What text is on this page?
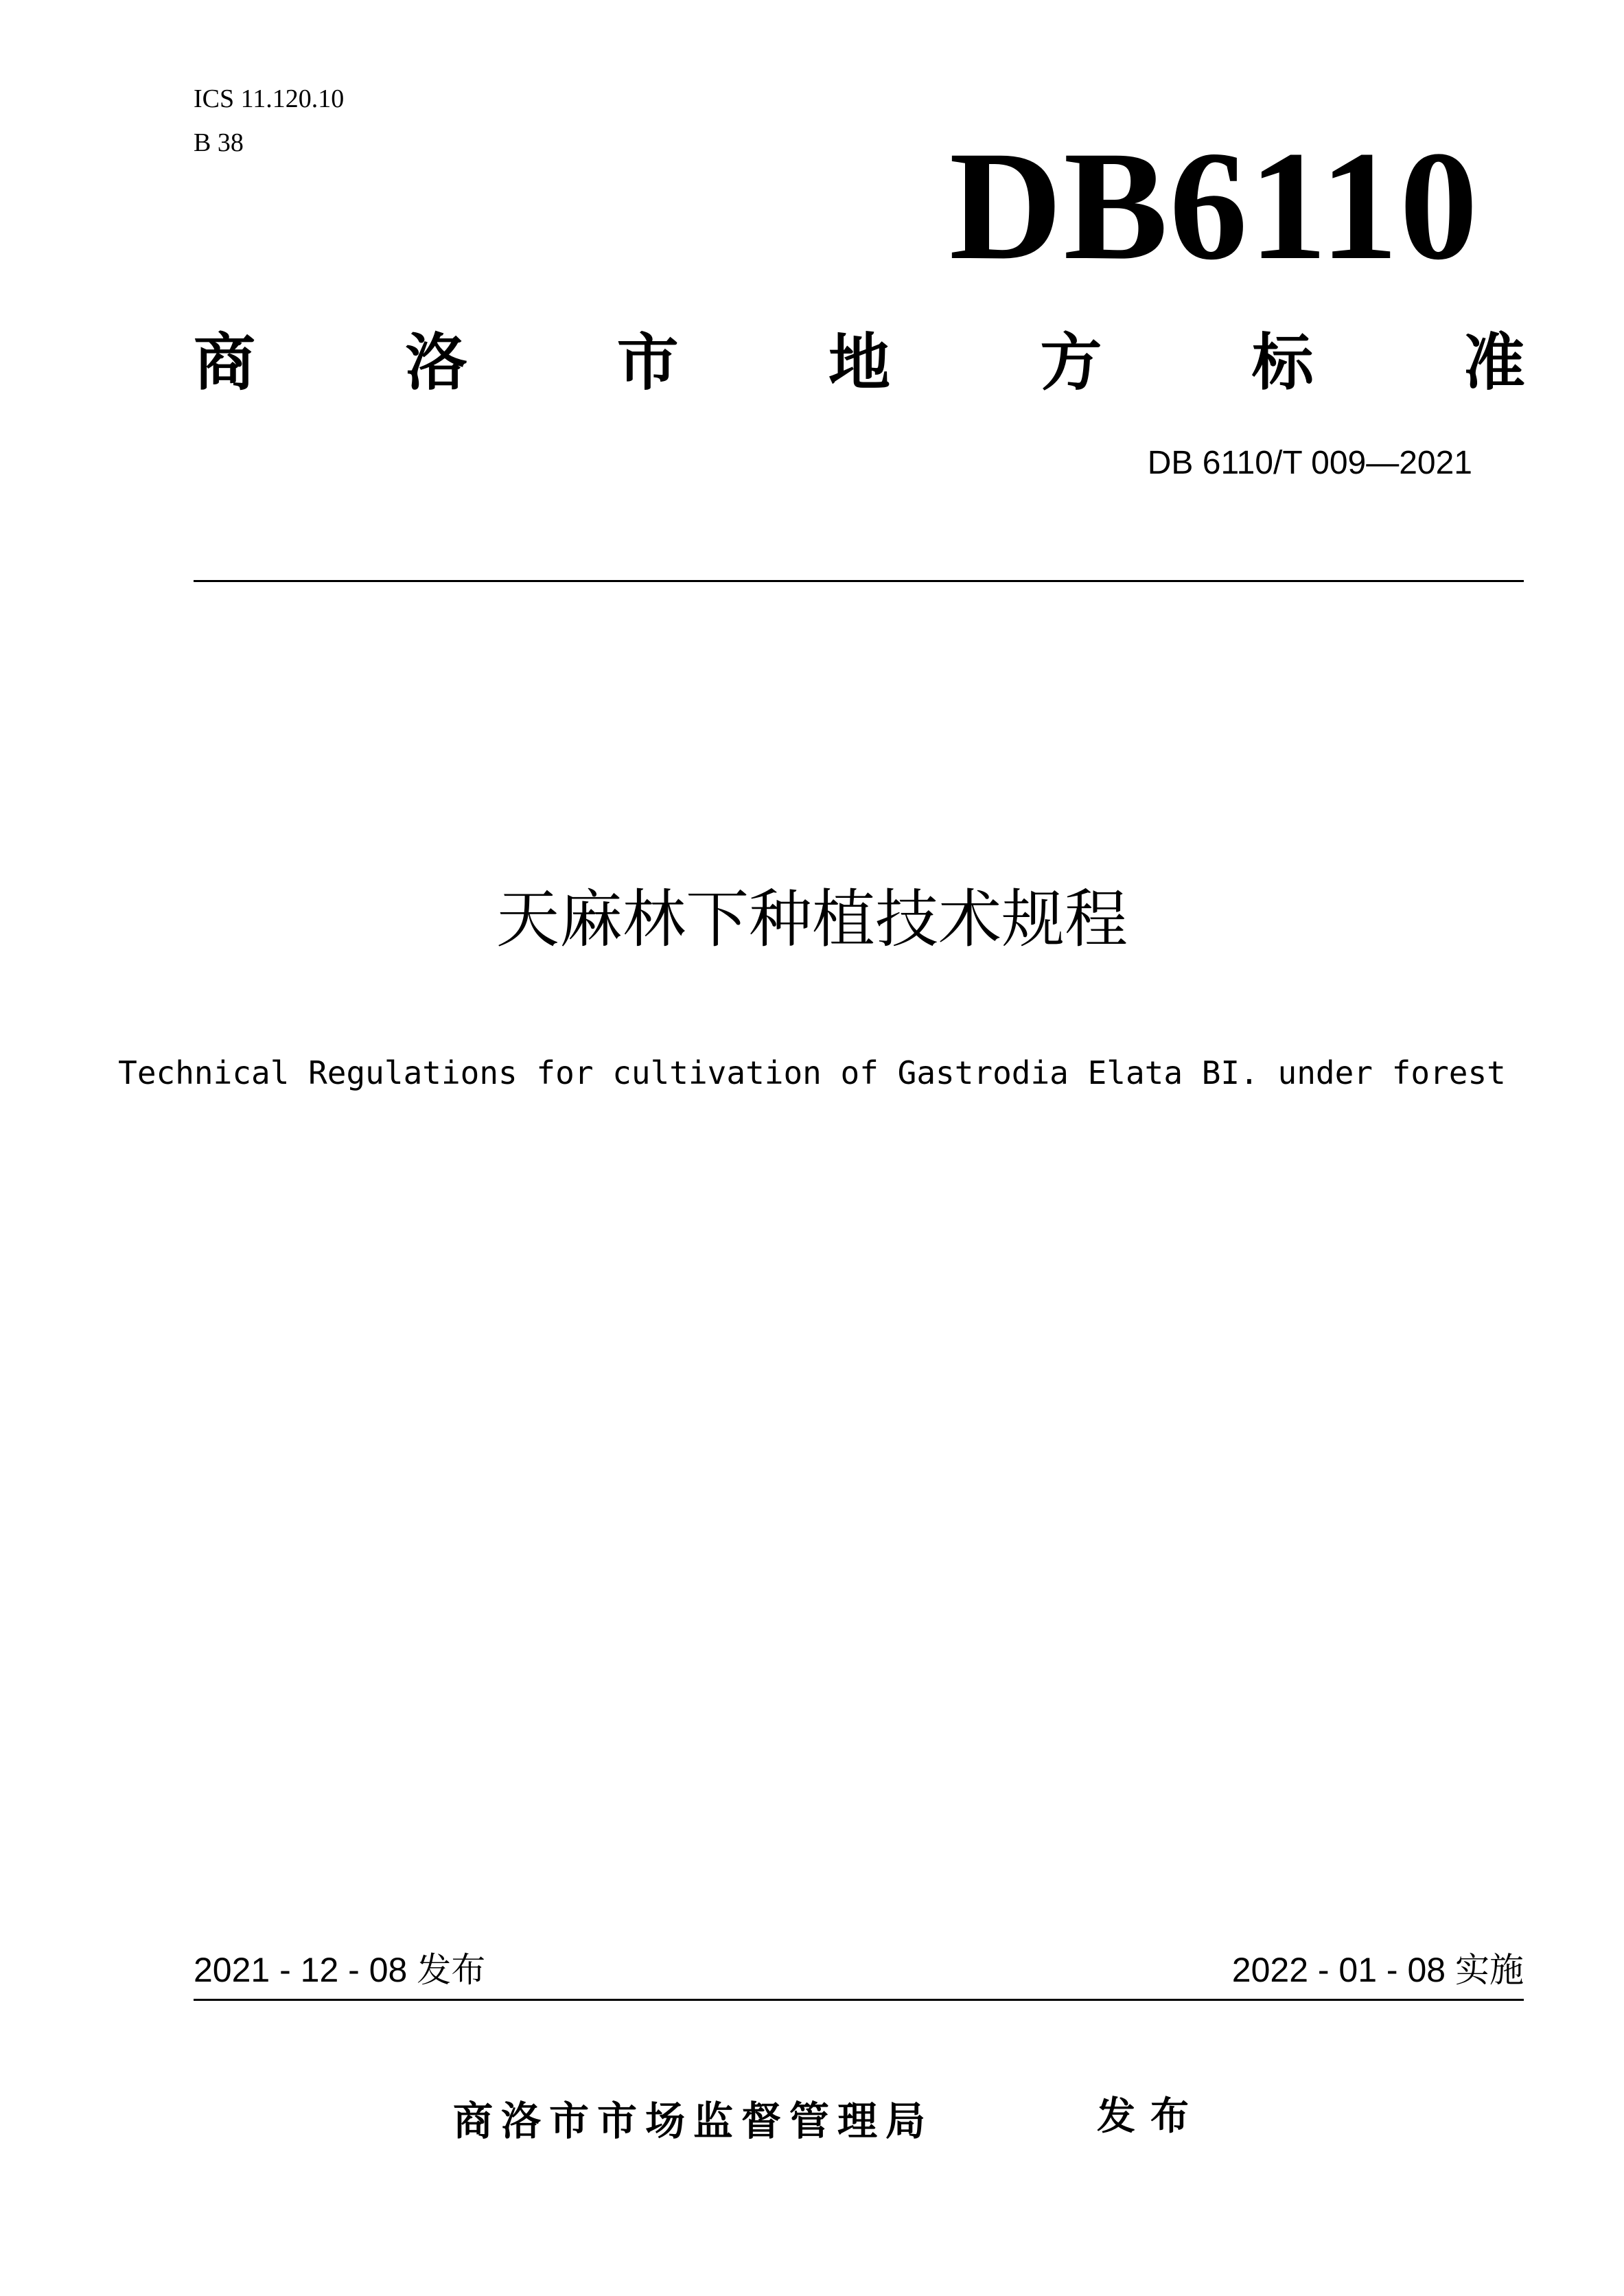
ICS 11.120.10
B 38	DB6110
商 洛 市 地 方 标 准
DB 6110/T 009—2021
天麻林下种植技术规程
Technical Regulations for cultivation of Gastrodia Elata BI. under forest
2021 - 12 - 08 发布	2022 - 01 - 08 实施
商洛市市场监督管理局	发布
